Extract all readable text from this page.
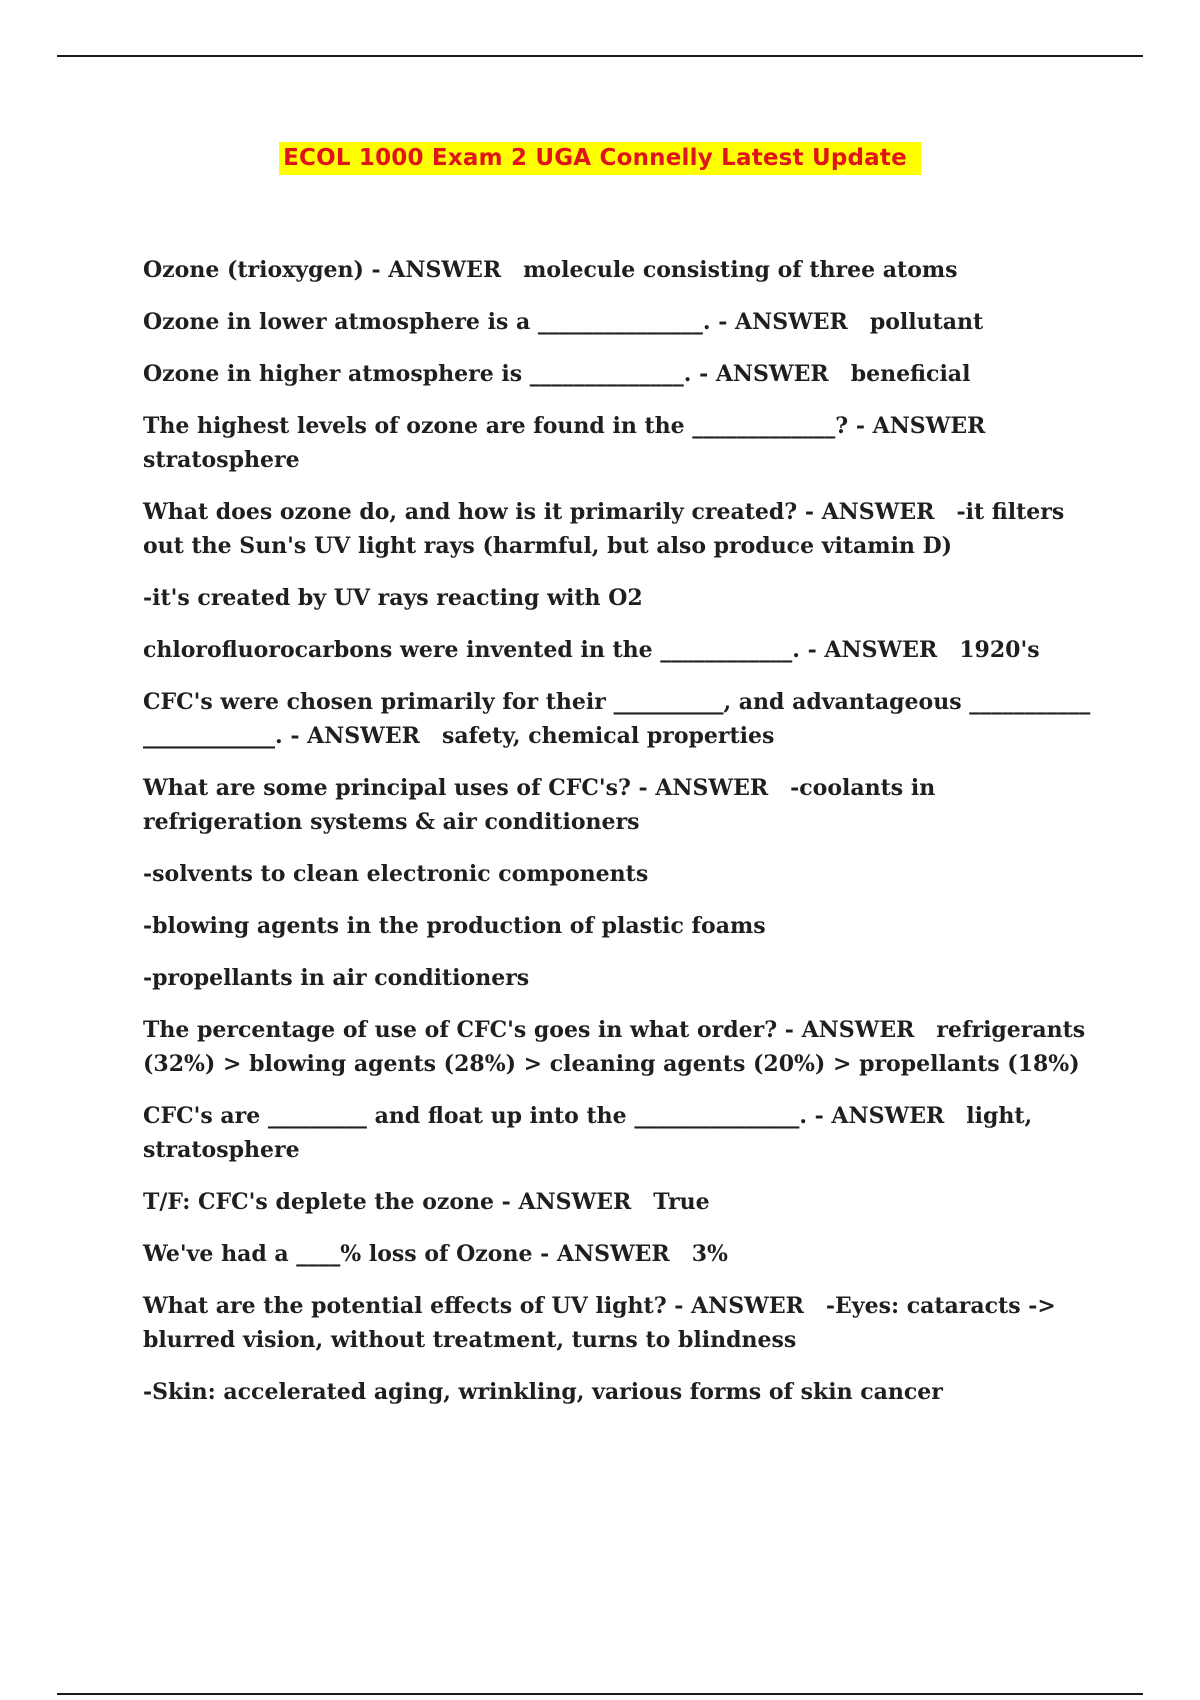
ECOL 1000 Exam 2 UGA Connelly Latest Update

Ozone (trioxygen) - ANSWER molecule consisting of three atoms

Ozone in lower atmosphere is a _______________. - ANSWER pollutant

Ozone in higher atmosphere is ______________. - ANSWER beneficial

The highest levels of ozone are found in the _____________? - ANSWERstratosphere

What does ozone do, and how is it primarily created? - ANSWER -it filters out the Sun's UV light rays (harmful, but also produce vitamin D)

-it's created by UV rays reacting with O2

chlorofluorocarbons were invented in the ____________. - ANSWER 1920's

CFC's were chosen primarily for their __________, and advantageous ___________ ____________. - ANSWER safety, chemical properties

What are some principal uses of CFC's? - ANSWER -coolants in refrigeration systems & air conditioners

-solvents to clean electronic components

-blowing agents in the production of plastic foams

-propellants in air conditioners

The percentage of use of CFC's goes in what order? - ANSWER refrigerants (32%) > blowing agents (28%) > cleaning agents (20%) > propellants (18%)

CFC's are _________ and float up into the _______________. - ANSWER light, stratosphere

T/F: CFC's deplete the ozone - ANSWER True

We've had a ____% loss of Ozone - ANSWER 3%

What are the potential effects of UV light? - ANSWER -Eyes: cataracts -> blurred vision, without treatment, turns to blindness

-Skin: accelerated aging, wrinkling, various forms of skin cancer
